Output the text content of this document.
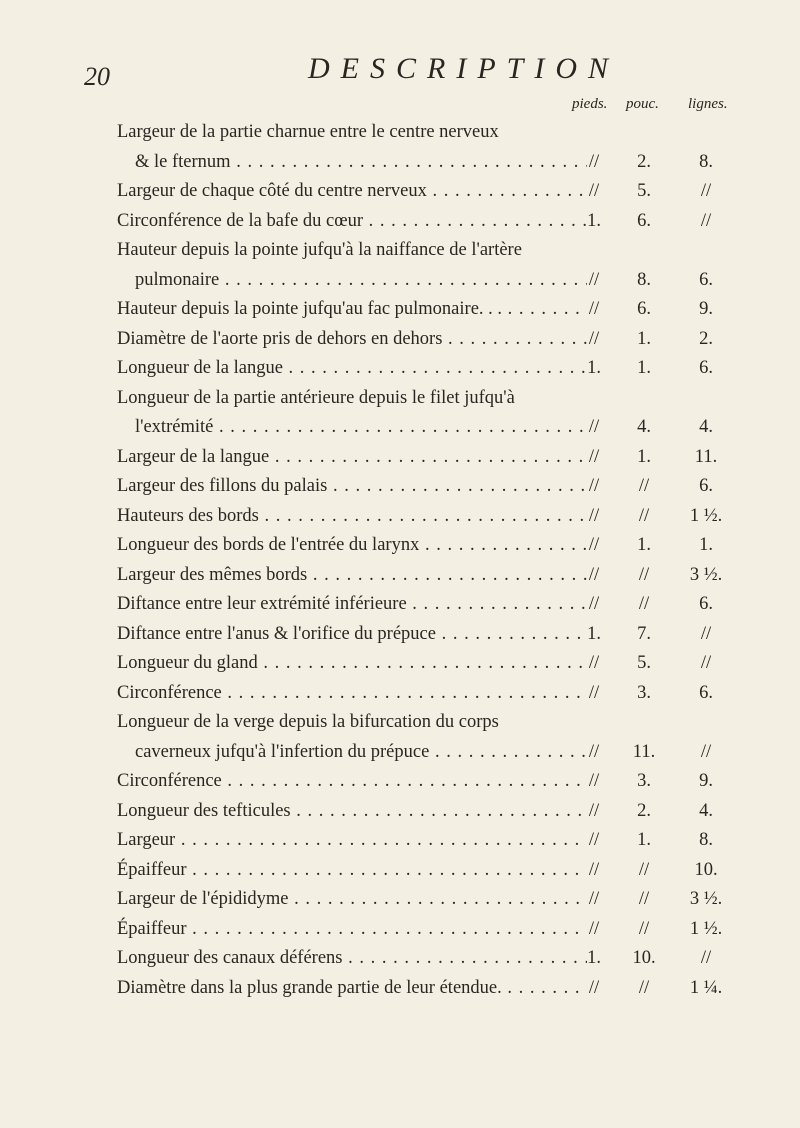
20	DESCRIPTION
pieds. pouc. lignes.
Largeur de la partie charnue entre le centre nerveux
& le fternum . . .	//	2.	8.
Largeur de chaque côté du centre nerveux . . .	//	5.	//
Circonférence de la bafe du cœur . . .	1.	6.	//
Hauteur depuis la pointe jufqu'à la naiffance de l'artère
pulmonaire . . .	//	8.	6.
Hauteur depuis la pointe jufqu'au fac pulmonaire. . . . . .	//	6.	9.
Diamètre de l'aorte pris de dehors en dehors . . .	//	1.	2.
Longueur de la langue . . .	1.	1.	6.
Longueur de la partie antérieure depuis le filet jufqu'à
l'extrémité . . .	//	4.	4.
Largeur de la langue . . .	//	1.	11.
Largeur des fillons du palais . . .	//	//	6.
Hauteurs des bords . . .	//	//	1 ½.
Longueur des bords de l'entrée du larynx . . .	//	1.	1.
Largeur des mêmes bords . . .	//	//	3 ½.
Diftance entre leur extrémité inférieure . . .	//	//	6.
Diftance entre l'anus & l'orifice du prépuce . . .	1.	7.	//
Longueur du gland . . .	//	5.	//
Circonférence . . .	//	3.	6.
Longueur de la verge depuis la bifurcation du corps
caverneux jufqu'à l'infertion du prépuce . . .	//	11.	//
Circonférence . . .	//	3.	9.
Longueur des tefticules . . .	//	2.	4.
Largeur . . .	//	1.	8.
Épaiffeur . . .	//	//	10.
Largeur de l'épididyme . . .	//	//	3 ½.
Épaiffeur . . .	//	//	1 ½.
Longueur des canaux déférens . . .	1.	10.	//
Diamètre dans la plus grande partie de leur étendue. . . .	//	//	1 ¼.
